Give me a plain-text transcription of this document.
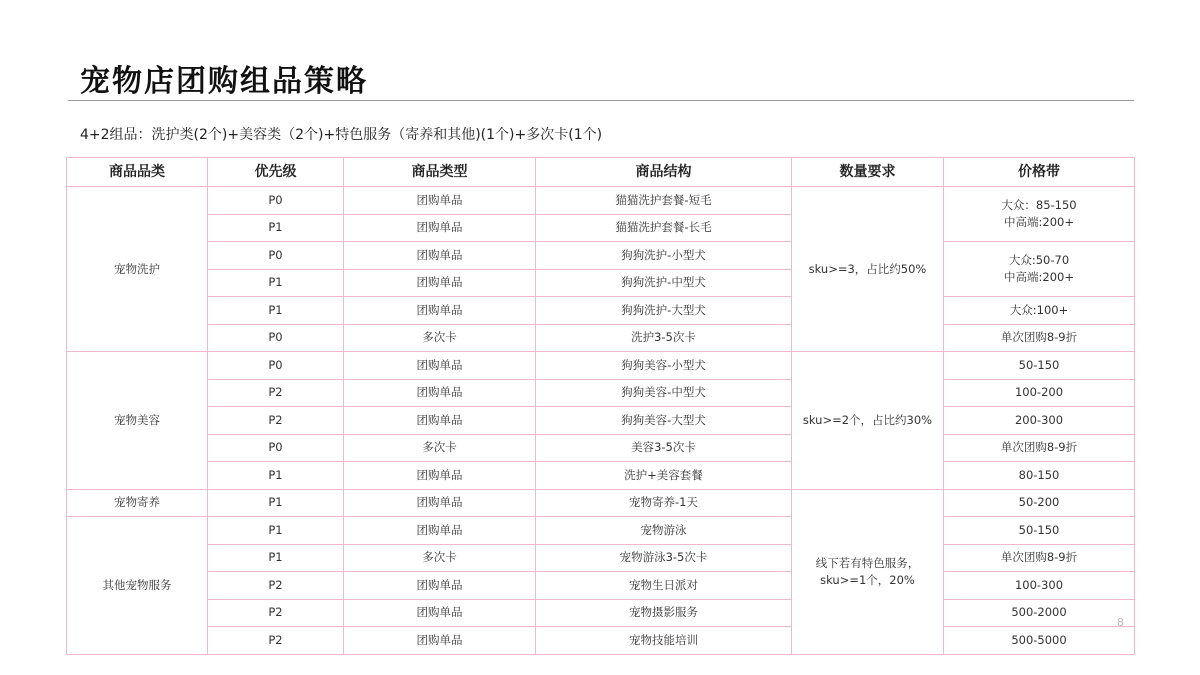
宠物店团购组品策略
4+2组品：洗护类(2个)+美容类（2个)+特色服务（寄养和其他)(1个)+多次卡(1个)
商品品类	优先级	商品类型	商品结构	数量要求	价格带
宠物洗护	P0	团购单品	猫猫洗护套餐-短毛	sku>=3，占比约50%	大众：85-150
中高端:200+

	P1	团购单品	猫猫洗护套餐-长毛		
	P0	团购单品	狗狗洗护-小型犬		大众:50-70
中高端:200+

	P1	团购单品	狗狗洗护-中型犬		
	P1	团购单品	狗狗洗护-大型犬		大众:100+
	P0	多次卡	洗护3-5次卡		单次团购8-9折
宠物美容	P0	团购单品	狗狗美容-小型犬	sku>=2个，占比约30%	50-150
	P2	团购单品	狗狗美容-中型犬		100-200
	P2	团购单品	狗狗美容-大型犬		200-300
	P0	多次卡	美容3-5次卡		单次团购8-9折
	P1	团购单品	洗护+美容套餐		80-150
宠物寄养	P1	团购单品	宠物寄养-1天	线下若有特色服务，
sku>=1个，20%	50-200
其他宠物服务	P1	团购单品	宠物游泳		50-150
	P1	多次卡	宠物游泳3-5次卡		单次团购8-9折
	P2	团购单品	宠物生日派对		100-300
	P2	团购单品	宠物摄影服务		500-2000
	P2	团购单品	宠物技能培训		500-5000
8
